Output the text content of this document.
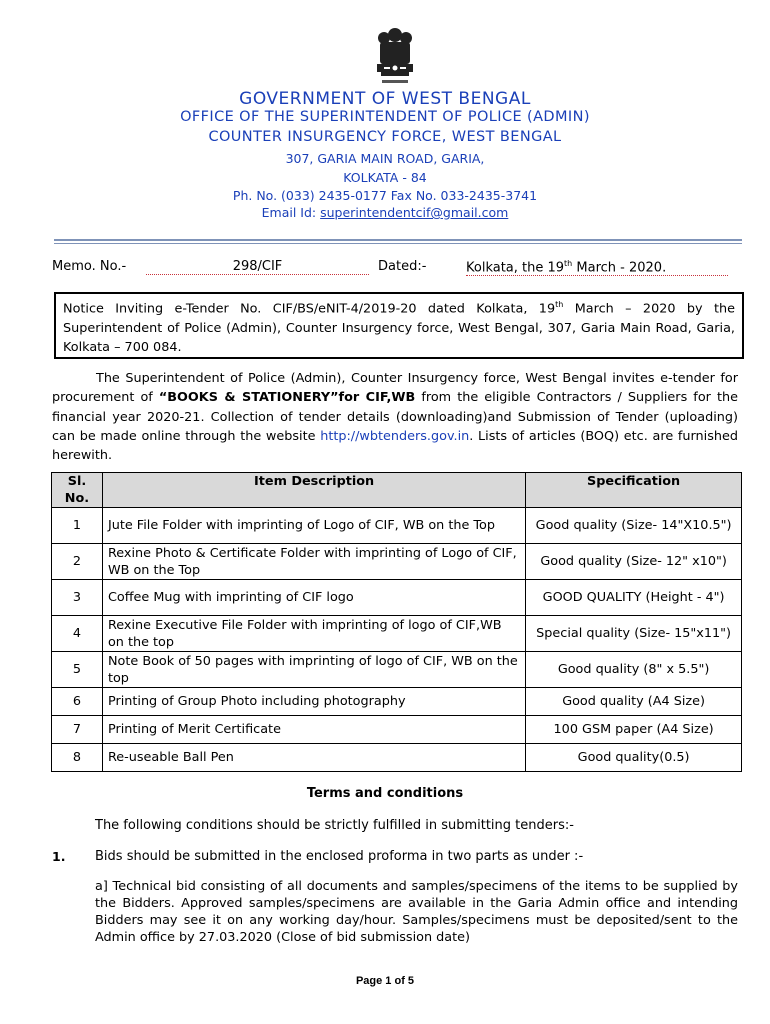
GOVERNMENT OF WEST BENGAL
OFFICE OF THE SUPERINTENDENT OF POLICE (ADMIN)
COUNTER INSURGENCY FORCE, WEST BENGAL
307, GARIA MAIN ROAD, GARIA,
KOLKATA - 84
Ph. No. (033) 2435-0177 Fax No. 033-2435-3741
Email Id: superintendentcif@gmail.com
Memo. No.-	298/CIF	Dated:-	Kolkata, the 19th March - 2020.
Notice Inviting e-Tender No. CIF/BS/eNIT-4/2019-20 dated Kolkata, 19th March – 2020 by the Superintendent of Police (Admin), Counter Insurgency force, West Bengal, 307, Garia Main Road, Garia, Kolkata – 700 084.
The Superintendent of Police (Admin), Counter Insurgency force, West Bengal invites e-tender for procurement of “BOOKS & STATIONERY”for CIF,WB from the eligible Contractors / Suppliers for the financial year 2020-21. Collection of tender details (downloading)and Submission of Tender (uploading) can be made online through the website http://wbtenders.gov.in. Lists of articles (BOQ) etc. are furnished herewith.
Sl. No.	Item Description	Specification
1	Jute File Folder with imprinting of Logo of CIF, WB on the Top	Good quality (Size- 14"X10.5")
2	Rexine Photo & Certificate Folder with imprinting of Logo of CIF, WB on the Top	Good quality (Size- 12" x10")
3	Coffee Mug with imprinting of CIF logo	GOOD QUALITY (Height - 4")
4	Rexine Executive File Folder with imprinting of logo of CIF,WB on the top	Special quality (Size- 15"x11")
5	Note Book of 50 pages with imprinting of logo of CIF, WB on the top	Good quality (8" x 5.5")
6	Printing of Group Photo including photography	Good quality (A4 Size)
7	Printing of Merit Certificate	100 GSM paper (A4 Size)
8	Re-useable Ball Pen	Good quality(0.5)
Terms and conditions
The following conditions should be strictly fulfilled in submitting tenders:-
1. Bids should be submitted in the enclosed proforma in two parts as under :-
a] Technical bid consisting of all documents and samples/specimens of the items to be supplied by the Bidders. Approved samples/specimens are available in the Garia Admin office and intending Bidders may see it on any working day/hour. Samples/specimens must be deposited/sent to the Admin office by 27.03.2020 (Close of bid submission date)
Page 1 of 5
